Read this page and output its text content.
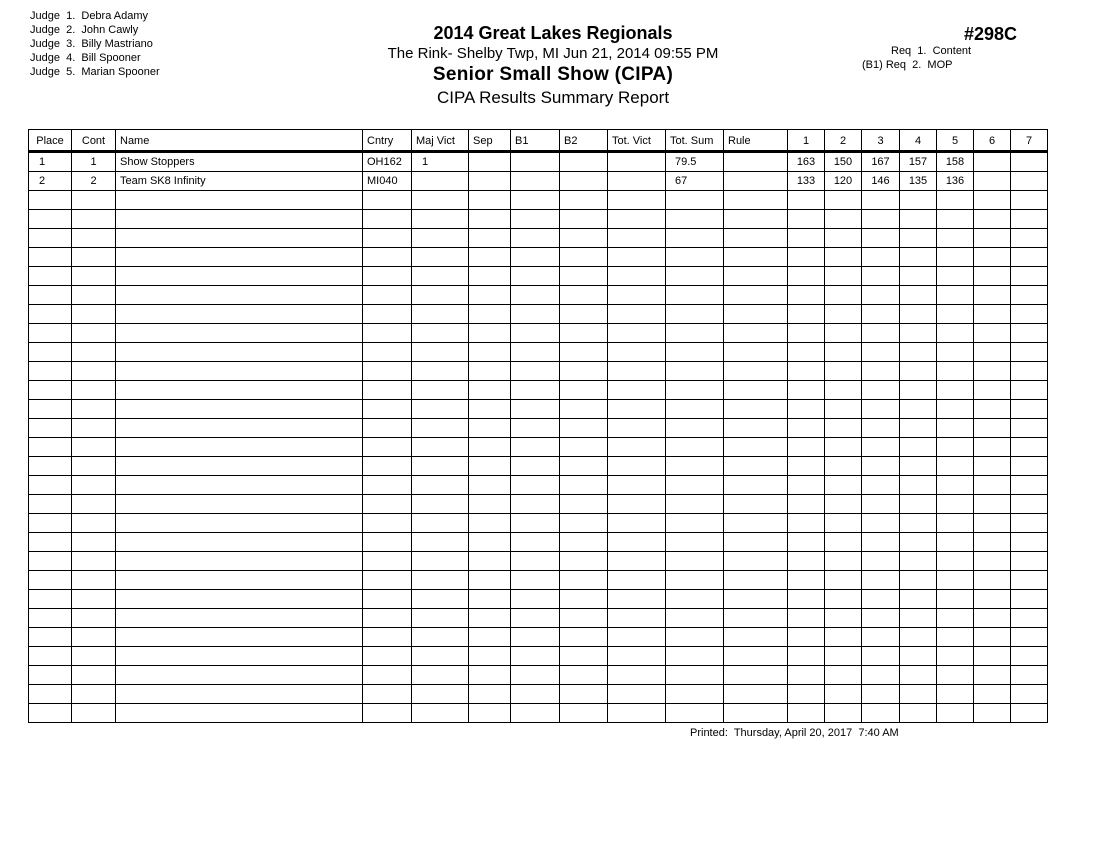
Judge  1.  Debra Adamy
Judge  2.  John Cawly
Judge  3.  Billy Mastriano
Judge  4.  Bill Spooner
Judge  5.  Marian Spooner
2014 Great Lakes Regionals
The Rink- Shelby Twp, MI Jun 21, 2014 09:55 PM
Senior Small Show (CIPA)
CIPA Results Summary Report
#298C
Req  1.  Content
(B1) Req  2.  MOP
Place	Cont	Name	Cntry	Maj Vict	Sep	B1	B2	Tot. Vict	Tot. Sum	Rule	1	2	3	4	5	6	7
1	1	Show Stoppers	OH162	1					79.5		163	150	167	157	158		
2	2	Team SK8 Infinity	MI040						67		133	120	146	135	136		

Printed:  Thursday, April 20, 2017  7:40 AM
